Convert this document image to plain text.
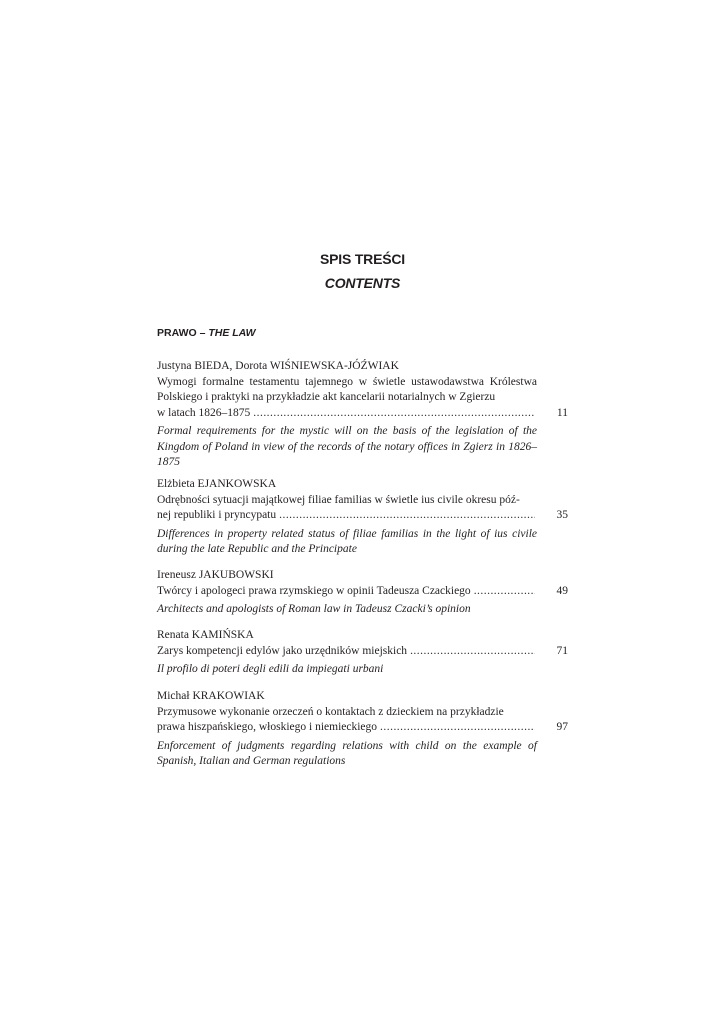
SPIS TREŚCI
CONTENTS
PRAWO – THE LAW
Justyna BIEDA, Dorota WIŚNIEWSKA-JÓŹWIAK
Wymogi formalne testamentu tajemnego w świetle ustawodawstwa Królestwa Polskiego i praktyki na przykładzie akt kancelarii notarialnych w Zgierzu
w latach 1826–1875 . . .	11
Formal requirements for the mystic will on the basis of the legislation of the Kingdom of Poland in view of the records of the notary offices in Zgierz in 1826–1875
Elżbieta EJANKOWSKA
Odrębności sytuacji majątkowej filiae familias w świetle ius civile okresu póź-
nej republiki i pryncypatu . . .	35
Differences in property related status of filiae familias in the light of ius civile during the late Republic and the Principate
Ireneusz JAKUBOWSKI
Twórcy i apologeci prawa rzymskiego w opinii Tadeusza Czackiego . . .	49
Architects and apologists of Roman law in Tadeusz Czacki’s opinion
Renata KAMIŃSKA
Zarys kompetencji edylów jako urzędników miejskich . . .	71
Il profilo di poteri degli edili da impiegati urbani
Michał KRAKOWIAK
Przymusowe wykonanie orzeczeń o kontaktach z dzieckiem na przykładzie
prawa hiszpańskiego, włoskiego i niemieckiego . . .	97
Enforcement of judgments regarding relations with child on the example of Spanish, Italian and German regulations
